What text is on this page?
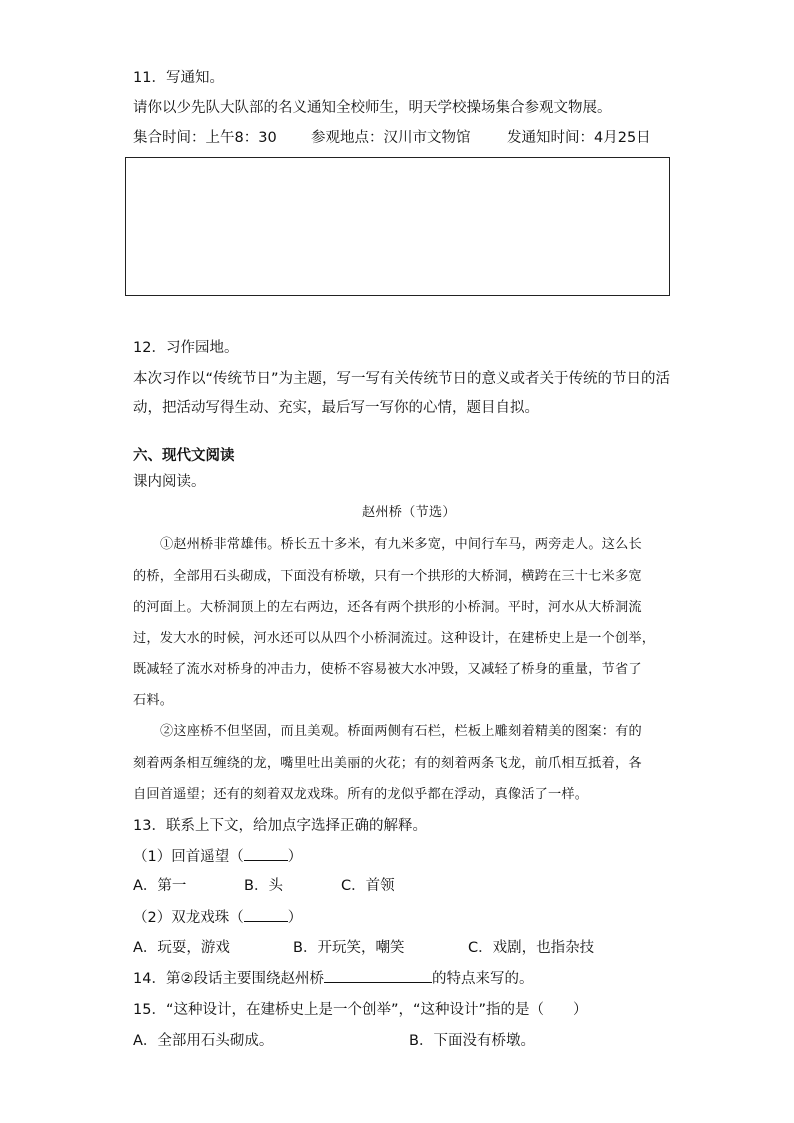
11．写通知。
请你以少先队大队部的名义通知全校师生，明天学校操场集合参观文物展。
集合时间：上午8：30 参观地点：汉川市文物馆	发通知时间：4月25日
12．习作园地。
本次习作以“传统节日”为主题，写一写有关传统节日的意义或者关于传统的节日的活
动，把活动写得生动、充实，最后写一写你的心情，题目自拟。
六、现代文阅读
课内阅读。
赵州桥（节选）
①赵州桥非常雄伟。桥长五十多米，有九米多宽，中间行车马，两旁走人。这么长
的桥，全部用石头砌成，下面没有桥墩，只有一个拱形的大桥洞，横跨在三十七米多宽
的河面上。大桥洞顶上的左右两边，还各有两个拱形的小桥洞。平时，河水从大桥洞流
过，发大水的时候，河水还可以从四个小桥洞流过。这种设计，在建桥史上是一个创举，
既减轻了流水对桥身的冲击力，使桥不容易被大水冲毁，又减轻了桥身的重量，节省了
石料。
②这座桥不但坚固，而且美观。桥面两侧有石栏，栏板上雕刻着精美的图案：有的
刻着两条相互缠绕的龙，嘴里吐出美丽的火花；有的刻着两条飞龙，前爪相互抵着，各
自回首遥望；还有的刻着双龙戏珠。所有的龙似乎都在浮动，真像活了一样。
13．联系上下文，给加点字选择正确的解释。
（1）回首遥望（	）
A．第一	B．头	C．首领
（2）双龙戏珠（	）
A．玩耍，游戏	B．开玩笑，嘲笑	C．戏剧，也指杂技
14．第②段话主要围绕赵州桥	的特点来写的。
15．“这种设计，在建桥史上是一个创举”，“这种设计”指的是（　　）
A．全部用石头砌成。	B．下面没有桥墩。
